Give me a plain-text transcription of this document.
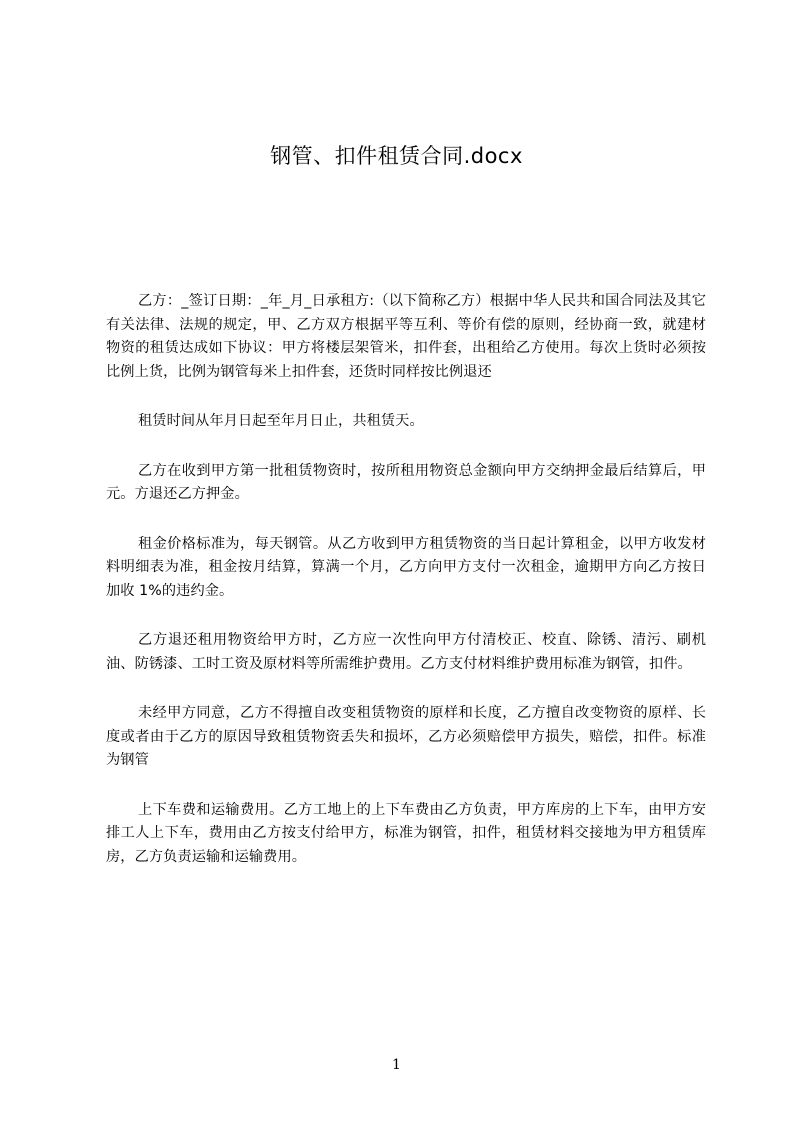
钢管、扣件租赁合同.docx

乙方：_签订日期：_年_月_日承租方:（以下简称乙方）根据中华人民共和国合同法及其它有关法律、法规的规定，甲、乙方双方根据平等互利、等价有偿的原则，经协商一致，就建材物资的租赁达成如下协议：甲方将楼层架管米，扣件套，出租给乙方使用。每次上货时必须按比例上货，比例为钢管每米上扣件套，还货时同样按比例退还

租赁时间从年月日起至年月日止，共租赁天。

乙方在收到甲方第一批租赁物资时，按所租用物资总金额向甲方交纳押金最后结算后，甲元。方退还乙方押金。

租金价格标准为，每天钢管。从乙方收到甲方租赁物资的当日起计算租金，以甲方收发材料明细表为准，租金按月结算，算满一个月，乙方向甲方支付一次租金，逾期甲方向乙方按日加收 1%的违约金。

乙方退还租用物资给甲方时，乙方应一次性向甲方付清校正、校直、除锈、清污、刷机油、防锈漆、工时工资及原材料等所需维护费用。乙方支付材料维护费用标准为钢管，扣件。

未经甲方同意，乙方不得擅自改变租赁物资的原样和长度，乙方擅自改变物资的原样、长度或者由于乙方的原因导致租赁物资丢失和损坏，乙方必须赔偿甲方损失，赔偿，扣件。标准为钢管

上下车费和运输费用。乙方工地上的上下车费由乙方负责，甲方库房的上下车，由甲方安排工人上下车，费用由乙方按支付给甲方，标准为钢管，扣件，租赁材料交接地为甲方租赁库房，乙方负责运输和运输费用。

1
